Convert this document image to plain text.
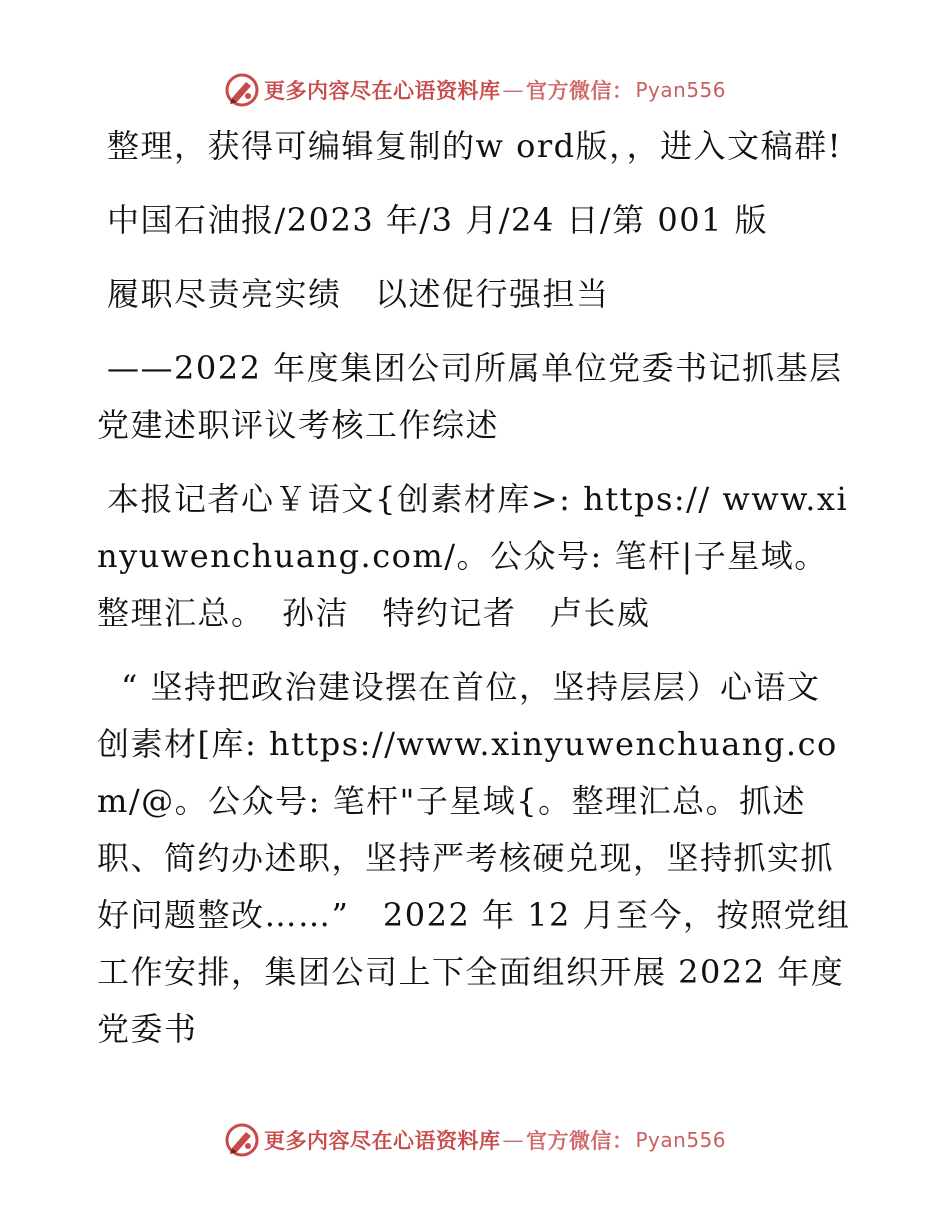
更多内容尽在心语资料库 — 官方微信： Pyan556

整理，获得可编辑复制的w ord版，，进入文稿群!

中国石油报/2023 年/3 月/24 日/第 001 版

履职尽责亮实绩　以述促行强担当

——2022 年度集团公司所属单位党委书记抓基层党建述职评议考核工作综述

本报记者心￥语文{创素材库>: https:// www.xinyuwenchuang.com/。公众号: 笔杆|子星域。整理汇总。　孙洁　特约记者　卢长威

“ 坚持把政治建设摆在首位，坚持层层）心语文创素材[库: https://www.xinyuwenchuang.com/@。公众号: 笔杆"子星域{。整理汇总。抓述职、简约办述职，坚持严考核硬兑现，坚持抓实抓好问题整改……”　2022 年 12 月至今，按照党组工作安排，集团公司上下全面组织开展 2022 年度党委书

更多内容尽在心语资料库 — 官方微信： Pyan556
